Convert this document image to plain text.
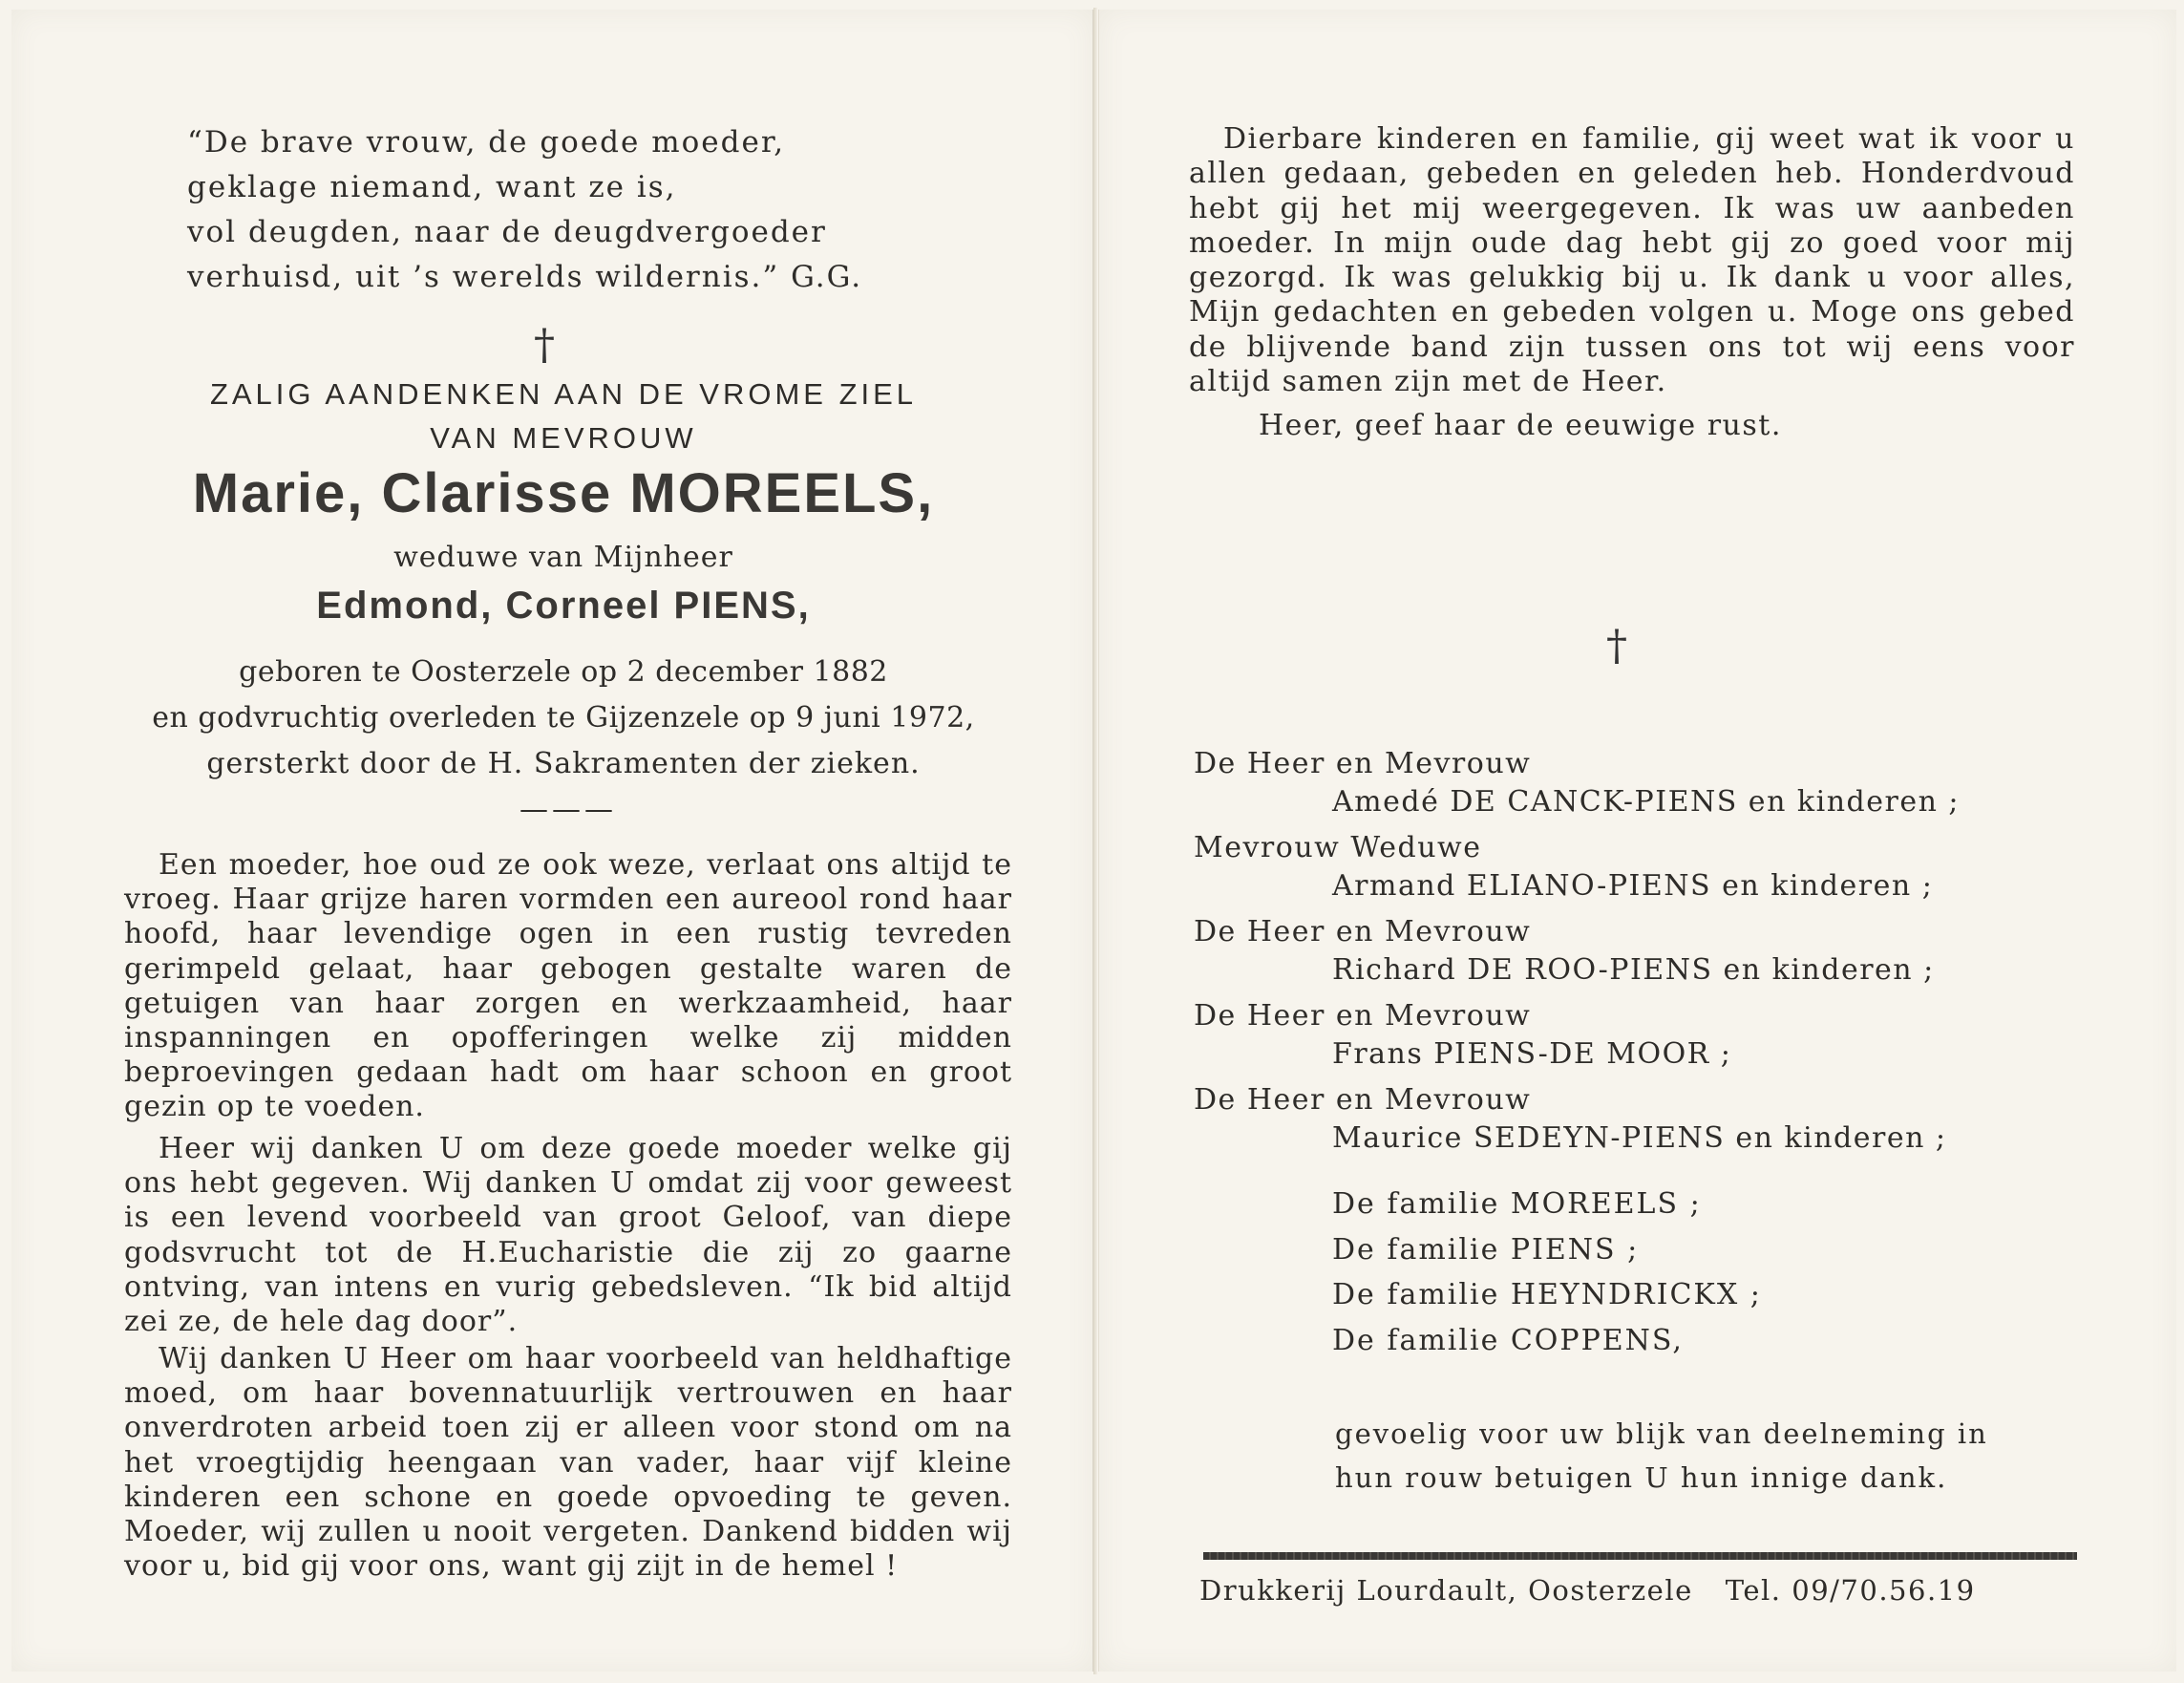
“De brave vrouw, de goede moeder,
geklage niemand, want ze is,
vol deugden, naar de deugdvergoeder
verhuisd, uit ’s werelds wildernis.” G.G.
†
ZALIG AANDENKEN AAN DE VROME ZIEL
VAN MEVROUW
Marie, Clarisse MOREELS,
weduwe van Mijnheer
Edmond, Corneel PIENS,
geboren te Oosterzele op 2 december 1882
en godvruchtig overleden te Gijzenzele op 9 juni 1972,
gersterkt door de H. Sakramenten der zieken.
———

Een moeder, hoe oud ze ook weze, verlaat ons altijd te vroeg. Haar grijze haren vormden een aureool rond haar hoofd, haar levendige ogen in een rustig tevreden gerimpeld gelaat, haar gebogen gestalte waren de getuigen van haar zorgen en werkzaamheid, haar inspanningen en opofferingen welke zij midden beproevingen gedaan hadt om haar schoon en groot gezin op te voeden.

Heer wij danken U om deze goede moeder welke gij ons hebt gegeven. Wij danken U omdat zij voor geweest is een levend voorbeeld van groot Geloof, van diepe godsvrucht tot de H.Eucharistie die zij zo gaarne ontving, van intens en vurig gebedsleven. “Ik bid altijd zei ze, de hele dag door”.

Wij danken U Heer om haar voorbeeld van heldhaftige moed, om haar bovennatuurlijk vertrouwen en haar onverdroten arbeid toen zij er alleen voor stond om na het vroegtijdig heengaan van vader, haar vijf kleine kinderen een schone en goede opvoeding te geven. Moeder, wij zullen u nooit vergeten. Dankend bidden wij voor u, bid gij voor ons, want gij zijt in de hemel !

Dierbare kinderen en familie, gij weet wat ik voor u allen gedaan, gebeden en geleden heb. Honderdvoud hebt gij het mij weergegeven. Ik was uw aanbeden moeder. In mijn oude dag hebt gij zo goed voor mij gezorgd. Ik was gelukkig bij u. Ik dank u voor alles, Mijn gedachten en gebeden volgen u. Moge ons gebed de blijvende band zijn tussen ons tot wij eens voor altijd samen zijn met de Heer.

Heer, geef haar de eeuwige rust.
†
De Heer en Mevrouw
Amedé DE CANCK-PIENS en kinderen ;
Mevrouw Weduwe
Armand ELIANO-PIENS en kinderen ;
De Heer en Mevrouw
Richard DE ROO-PIENS en kinderen ;
De Heer en Mevrouw
Frans PIENS-DE MOOR ;
De Heer en Mevrouw
Maurice SEDEYN-PIENS en kinderen ;
De familie MOREELS ;
De familie PIENS ;
De familie HEYNDRICKX ;
De familie COPPENS,
gevoelig voor uw blijk van deelneming in
hun rouw betuigen U hun innige dank.
Drukkerij Lourdault, Oosterzele Tel. 09/70.56.19
